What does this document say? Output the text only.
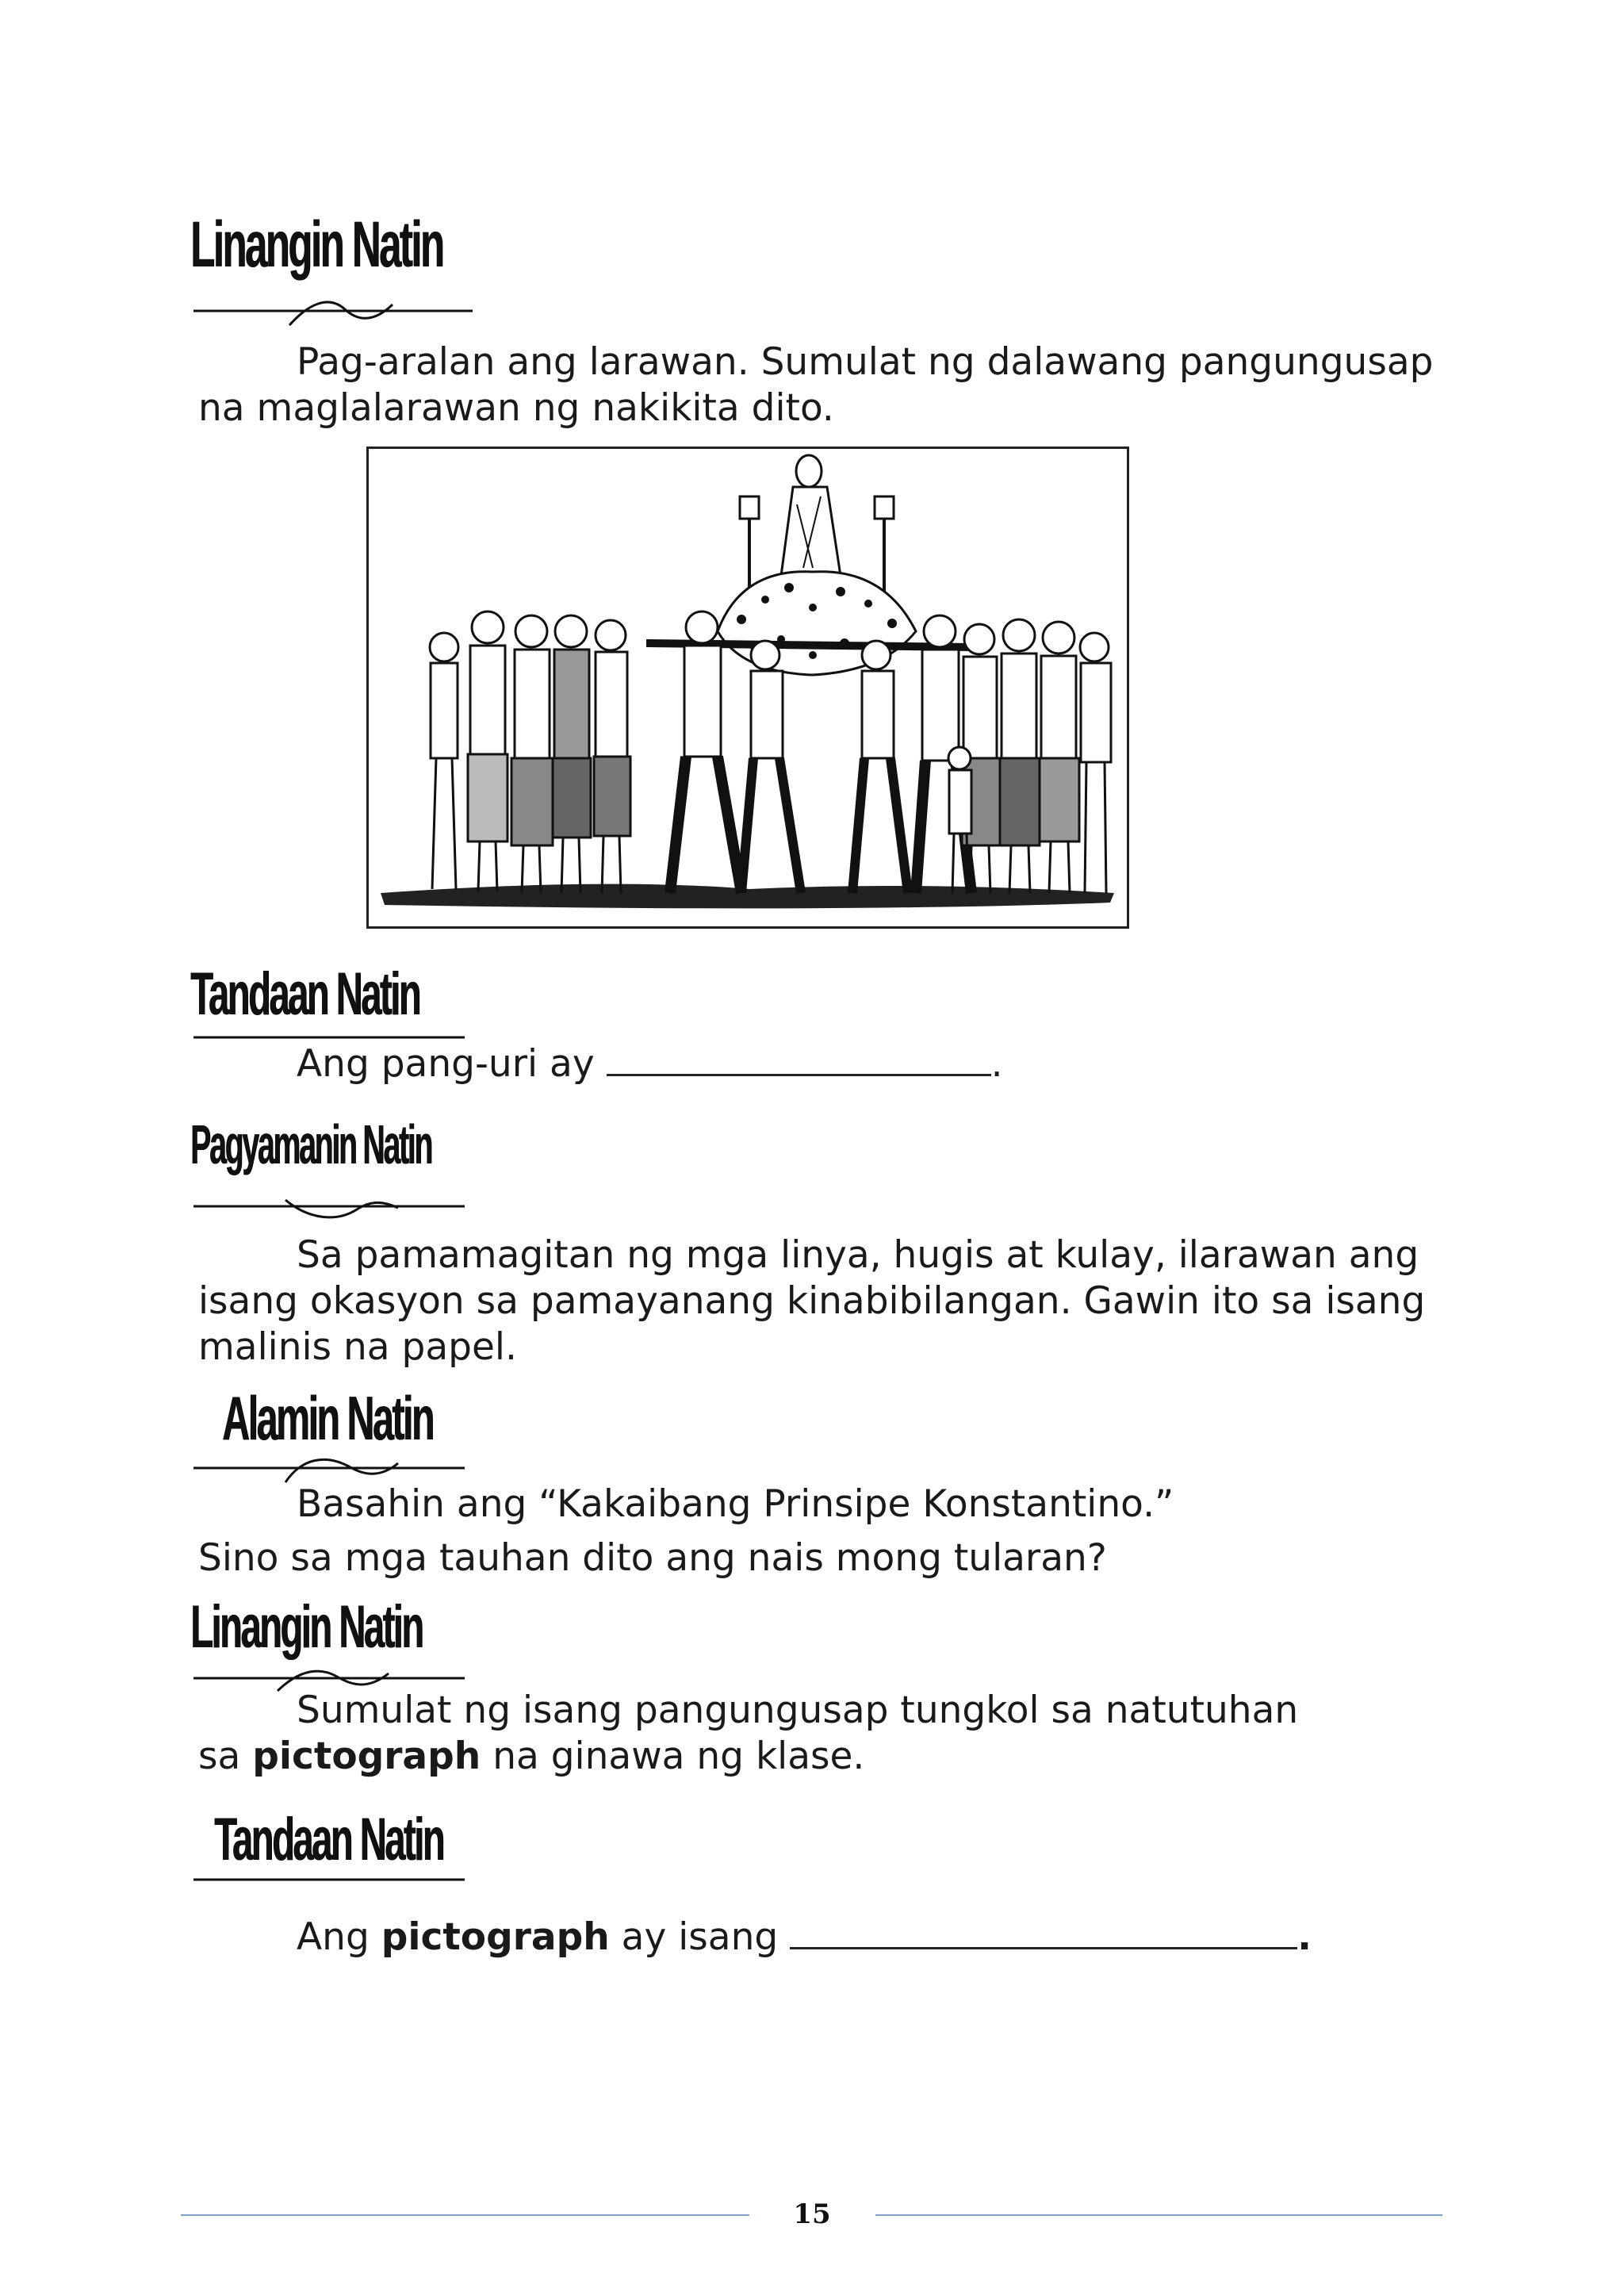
Linangin Natin
Pag-aralan ang larawan. Sumulat ng dalawang pangungusap na maglalarawan ng nakikita dito.
Tandaan Natin
Ang pang-uri ay	.
Pagyamanin Natin
Sa pamamagitan ng mga linya, hugis at kulay, ilarawan ang isang okasyon sa pamayanang kinabibilangan. Gawin ito sa isang malinis na papel.
Alamin Natin
Basahin ang “Kakaibang Prinsipe Konstantino.”
Sino sa mga tauhan dito ang nais mong tularan?
Linangin Natin
Sumulat ng isang pangungusap tungkol sa natutuhan
sa pictograph na ginawa ng klase.
Tandaan Natin
Ang pictograph ay isang	.
15
